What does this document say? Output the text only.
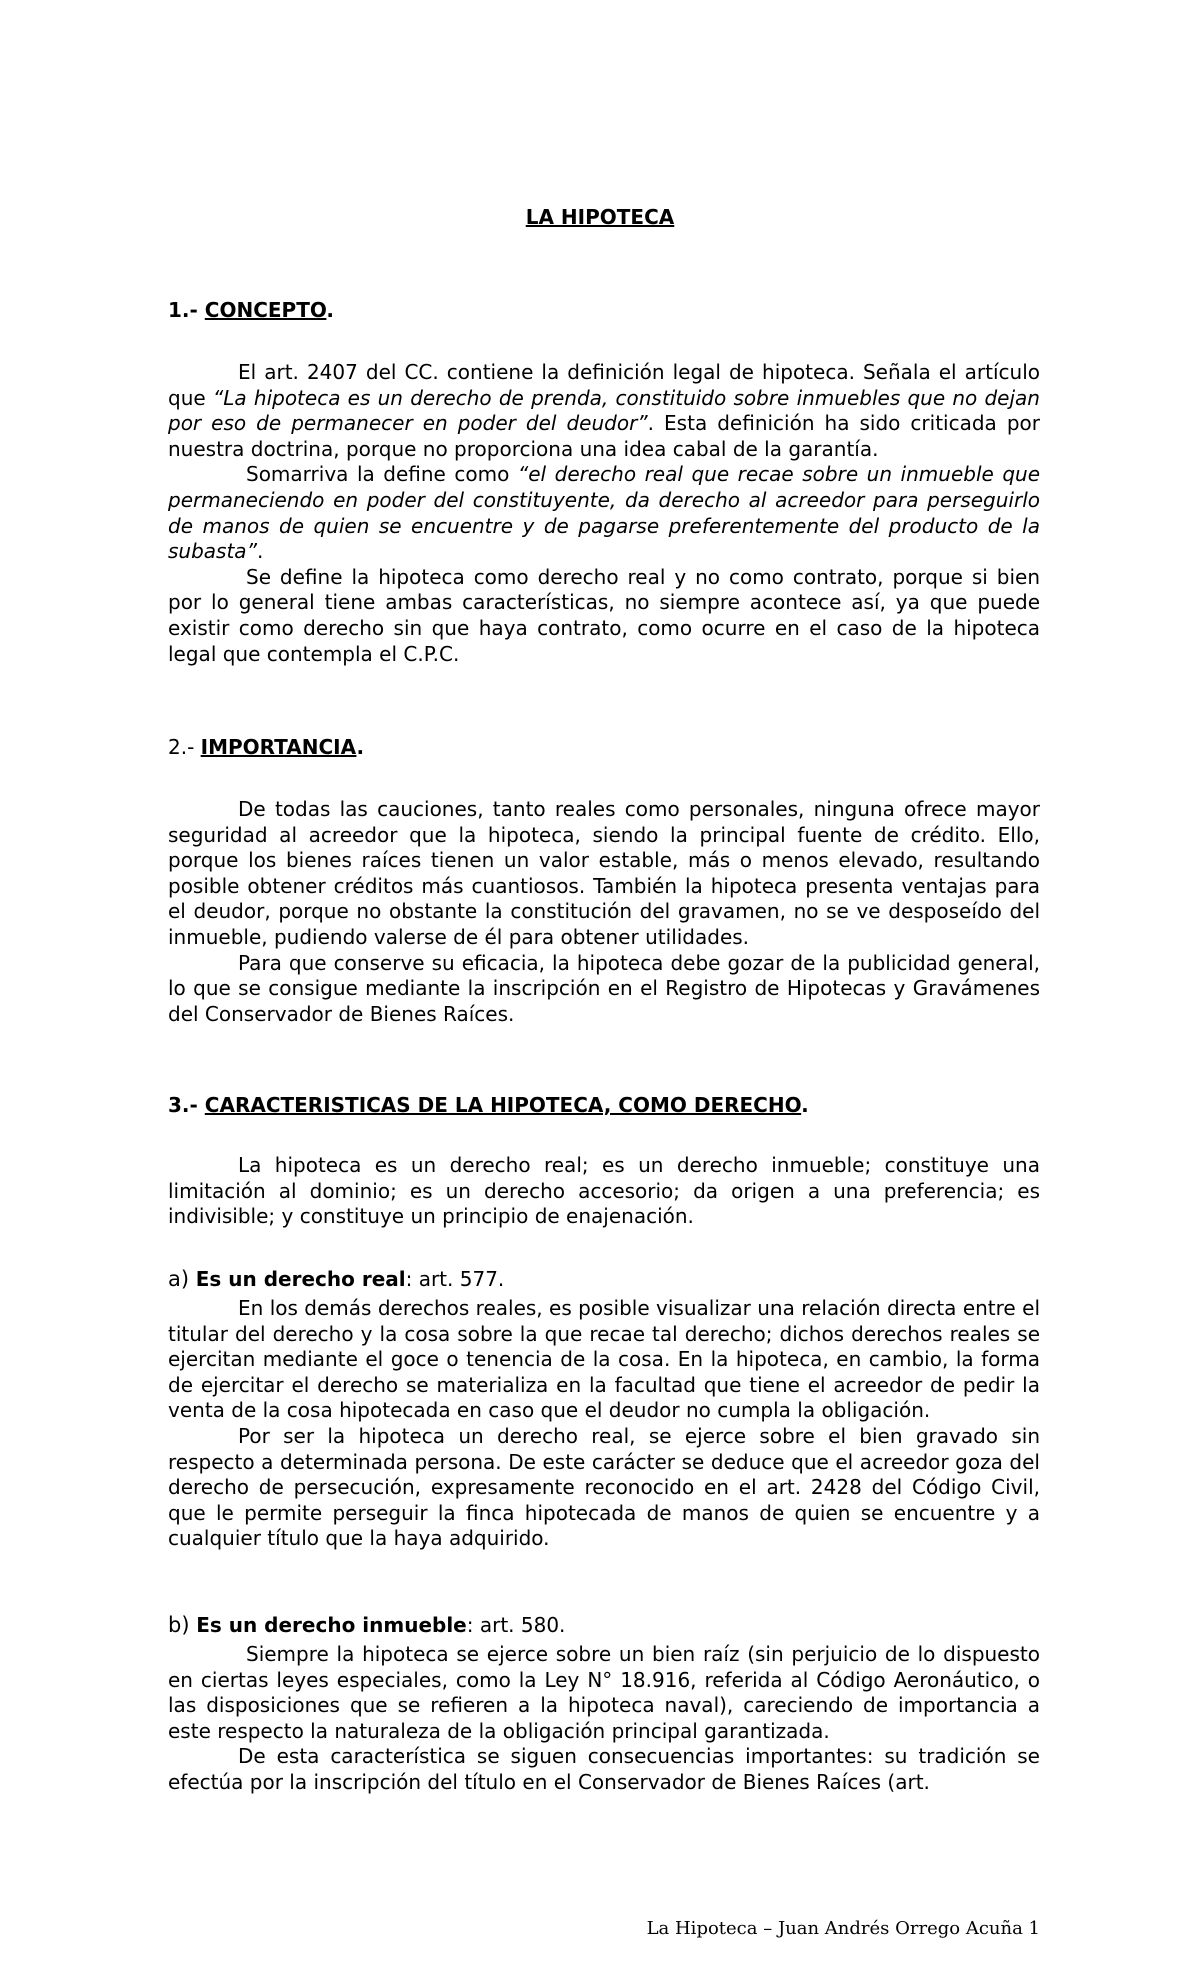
LA HIPOTECA
1.- CONCEPTO.

El art. 2407 del CC. contiene la definición legal de hipoteca. Señala el artículo que “La hipoteca es un derecho de prenda, constituido sobre inmuebles que no dejan por eso de permanecer en poder del deudor”. Esta definición ha sido criticada por nuestra doctrina, porque no proporciona una idea cabal de la garantía.

Somarriva la define como “el derecho real que recae sobre un inmueble que permaneciendo en poder del constituyente, da derecho al acreedor para perseguirlo de manos de quien se encuentre y de pagarse preferentemente del producto de la subasta”.

Se define la hipoteca como derecho real y no como contrato, porque si bien por lo general tiene ambas características, no siempre acontece así, ya que puede existir como derecho sin que haya contrato, como ocurre en el caso de la hipoteca legal que contempla el C.P.C.

2.- IMPORTANCIA.

De todas las cauciones, tanto reales como personales, ninguna ofrece mayor seguridad al acreedor que la hipoteca, siendo la principal fuente de crédito. Ello, porque los bienes raíces tienen un valor estable, más o menos elevado, resultando posible obtener créditos más cuantiosos. También la hipoteca presenta ventajas para el deudor, porque no obstante la constitución del gravamen, no se ve desposeído del inmueble, pudiendo valerse de él para obtener utilidades.

Para que conserve su eficacia, la hipoteca debe gozar de la publicidad general, lo que se consigue mediante la inscripción en el Registro de Hipotecas y Gravámenes del Conservador de Bienes Raíces.

3.- CARACTERISTICAS DE LA HIPOTECA, COMO DERECHO.

La hipoteca es un derecho real; es un derecho inmueble; constituye una limitación al dominio; es un derecho accesorio; da origen a una preferencia; es indivisible; y constituye un principio de enajenación.

a) Es un derecho real: art. 577.

En los demás derechos reales, es posible visualizar una relación directa entre el titular del derecho y la cosa sobre la que recae tal derecho; dichos derechos reales se ejercitan mediante el goce o tenencia de la cosa. En la hipoteca, en cambio, la forma de ejercitar el derecho se materializa en la facultad que tiene el acreedor de pedir la venta de la cosa hipotecada en caso que el deudor no cumpla la obligación.

Por ser la hipoteca un derecho real, se ejerce sobre el bien gravado sin respecto a determinada persona. De este carácter se deduce que el acreedor goza del derecho de persecución, expresamente reconocido en el art. 2428 del Código Civil, que le permite perseguir la finca hipotecada de manos de quien se encuentre y a cualquier título que la haya adquirido.

b) Es un derecho inmueble: art. 580.

Siempre la hipoteca se ejerce sobre un bien raíz (sin perjuicio de lo dispuesto en ciertas leyes especiales, como la Ley N° 18.916, referida al Código Aeronáutico, o las disposiciones que se refieren a la hipoteca naval), careciendo de importancia a este respecto la naturaleza de la obligación principal garantizada.

De esta característica se siguen consecuencias importantes: su tradición se efectúa por la inscripción del título en el Conservador de Bienes Raíces (art.

La Hipoteca – Juan Andrés Orrego Acuña 1
